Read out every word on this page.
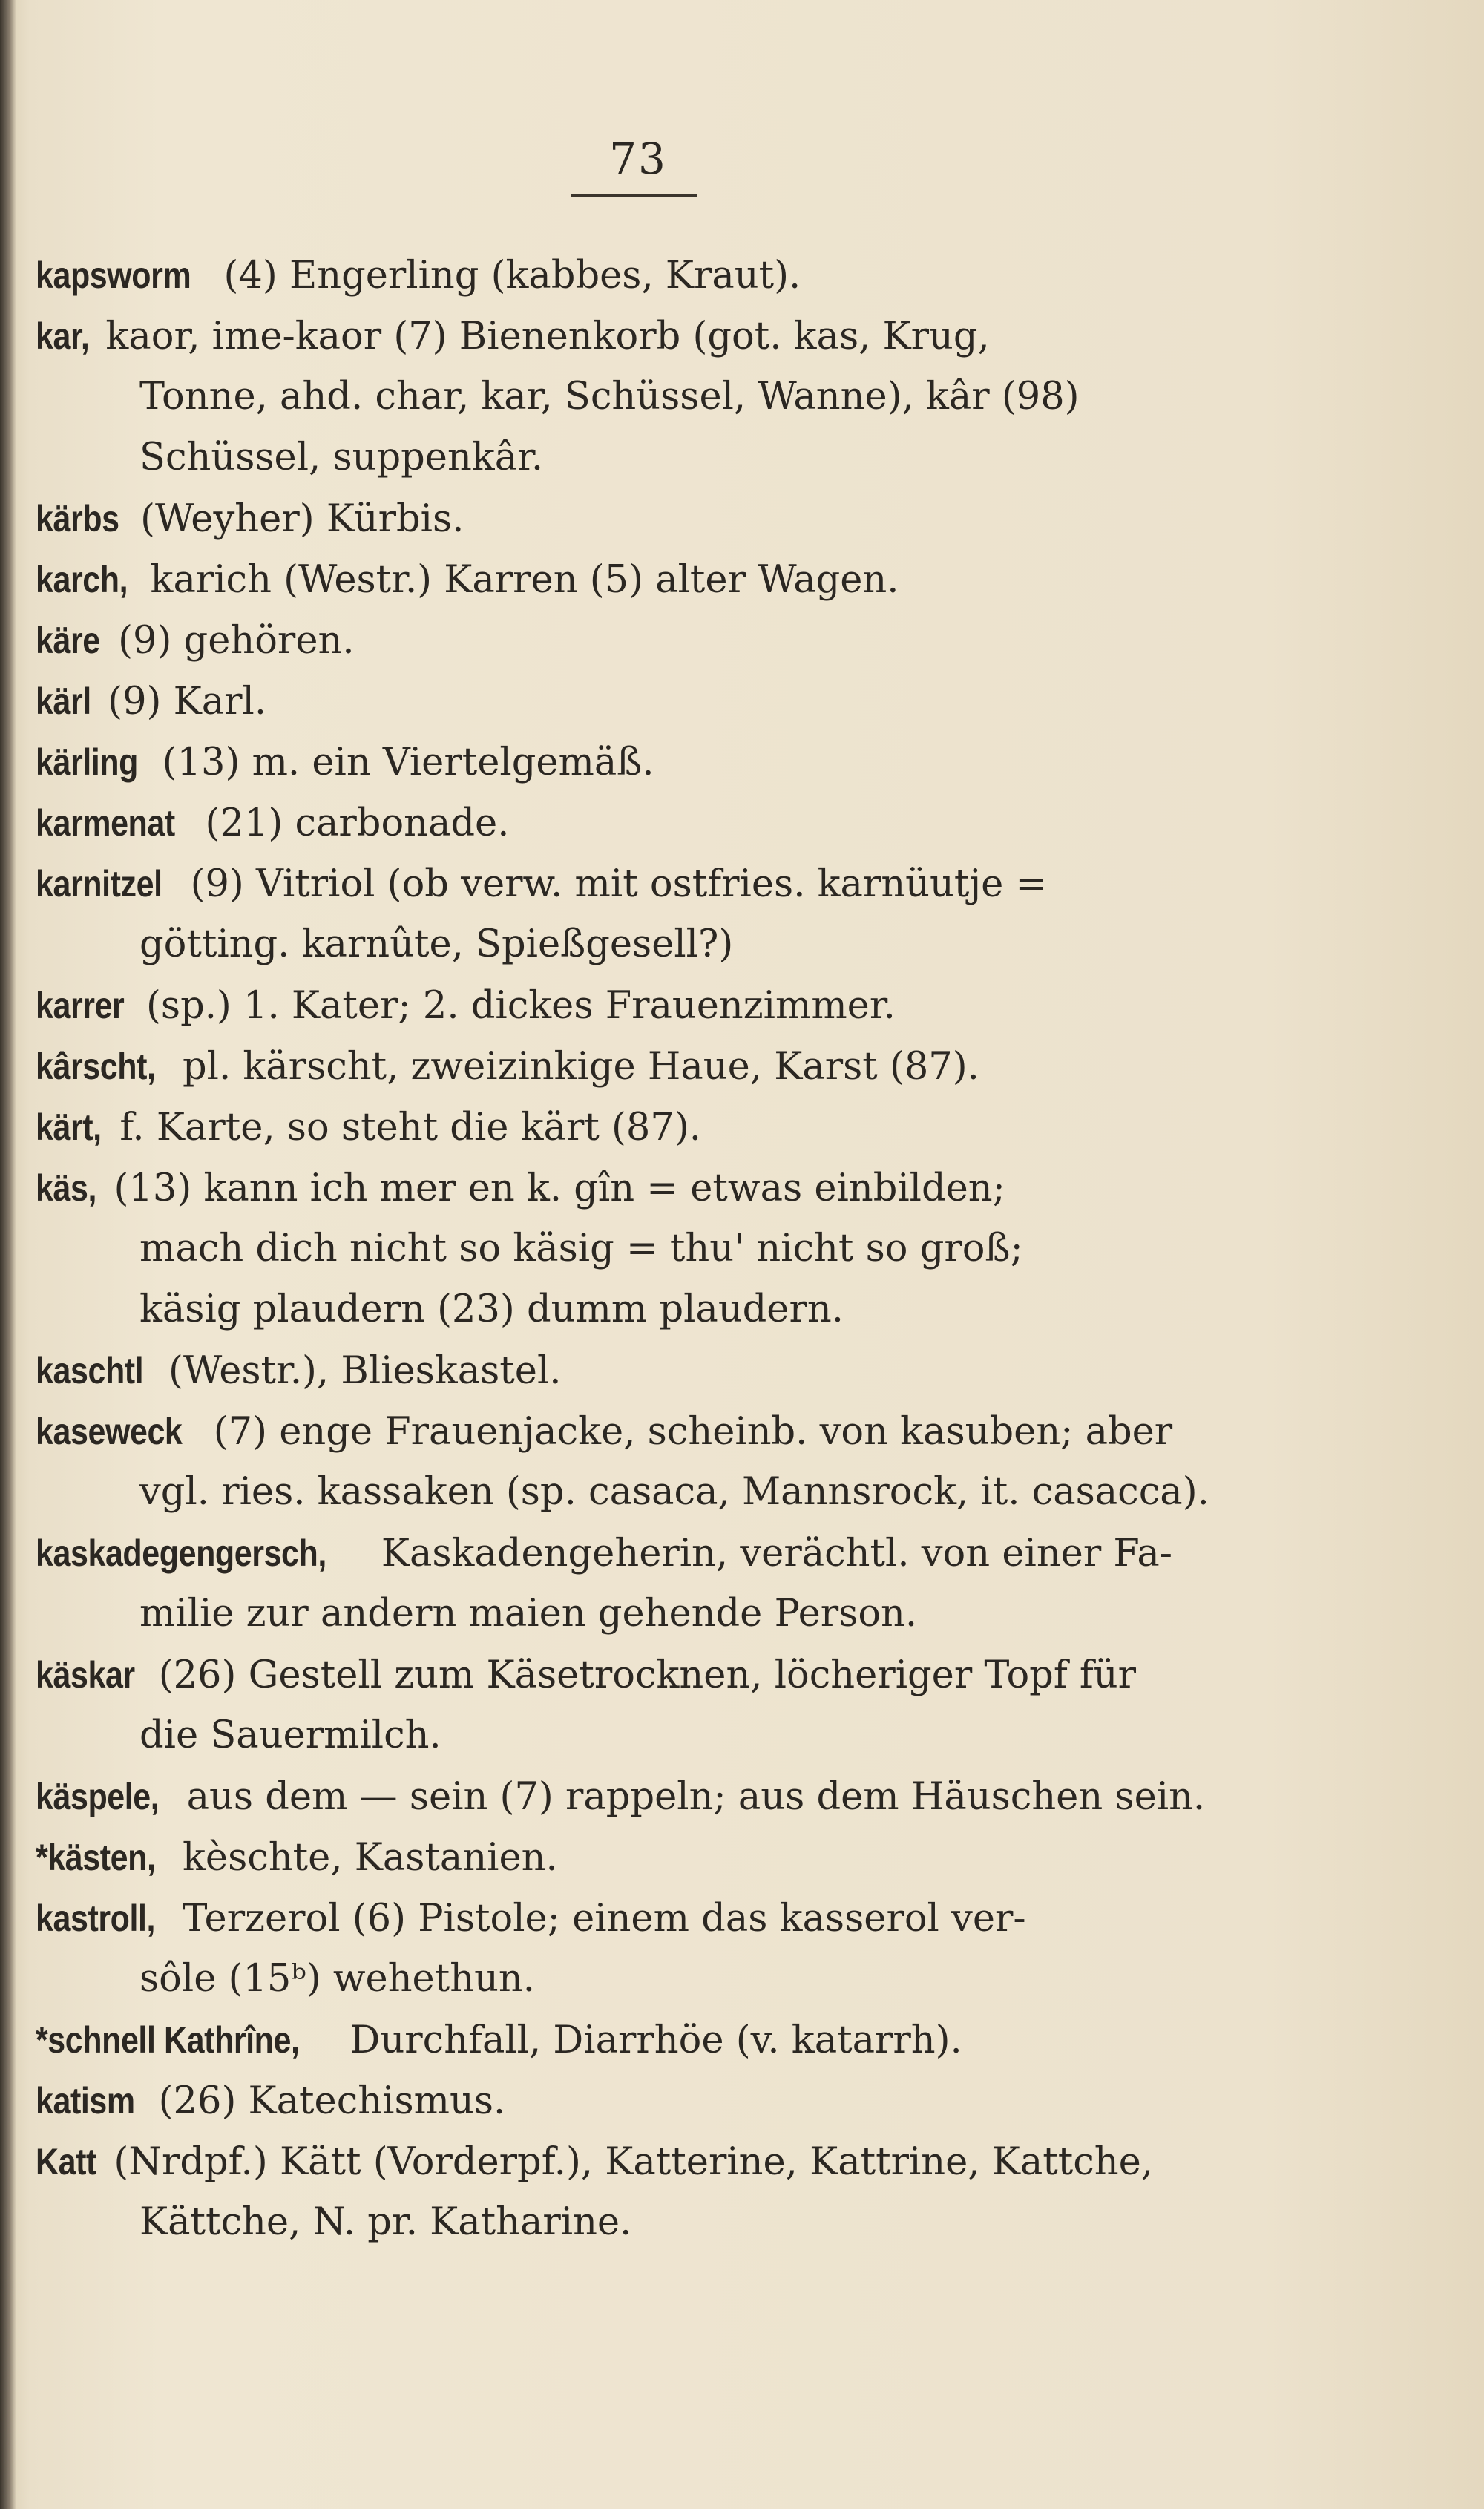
73
kapsworm (4) Engerling (kabbes, Kraut).
kar, kaor, ime-kaor (7) Bienenkorb (got. kas, Krug,
Tonne, ahd. char, kar, Schüssel, Wanne), kâr (98)
Schüssel, suppenkâr.
kärbs (Weyher) Kürbis.
karch, karich (Westr.) Karren (5) alter Wagen.
käre (9) gehören.
kärl (9) Karl.
kärling (13) m. ein Viertelgemäß.
karmenat (21) carbonade.
karnitzel (9) Vitriol (ob verw. mit ostfries. karnüutje =
götting. karnûte, Spießgesell?)
karrer (sp.) 1. Kater; 2. dickes Frauenzimmer.
kârscht, pl. kärscht, zweizinkige Haue, Karst (87).
kärt, f. Karte, so steht die kärt (87).
käs, (13) kann ich mer en k. gîn = etwas einbilden;
mach dich nicht so käsig = thu' nicht so groß;
käsig plaudern (23) dumm plaudern.
kaschtl (Westr.), Blieskastel.
kaseweck (7) enge Frauenjacke, scheinb. von kasuben; aber
vgl. ries. kassaken (sp. casaca, Mannsrock, it. casacca).
kaskadegengersch, Kaskadengeherin, verächtl. von einer Fa-
milie zur andern maien gehende Person.
käskar (26) Gestell zum Käsetrocknen, löcheriger Topf für
die Sauermilch.
käspele, aus dem — sein (7) rappeln; aus dem Häuschen sein.
*kästen, kèschte, Kastanien.
kastroll, Terzerol (6) Pistole; einem das kasserol ver-
sôle (15ᵇ) wehethun.
*schnell Kathrîne, Durchfall, Diarrhöe (v. katarrh).
katism (26) Katechismus.
Katt (Nrdpf.) Kätt (Vorderpf.), Katterine, Kattrine, Kattche,
Kättche, N. pr. Katharine.
